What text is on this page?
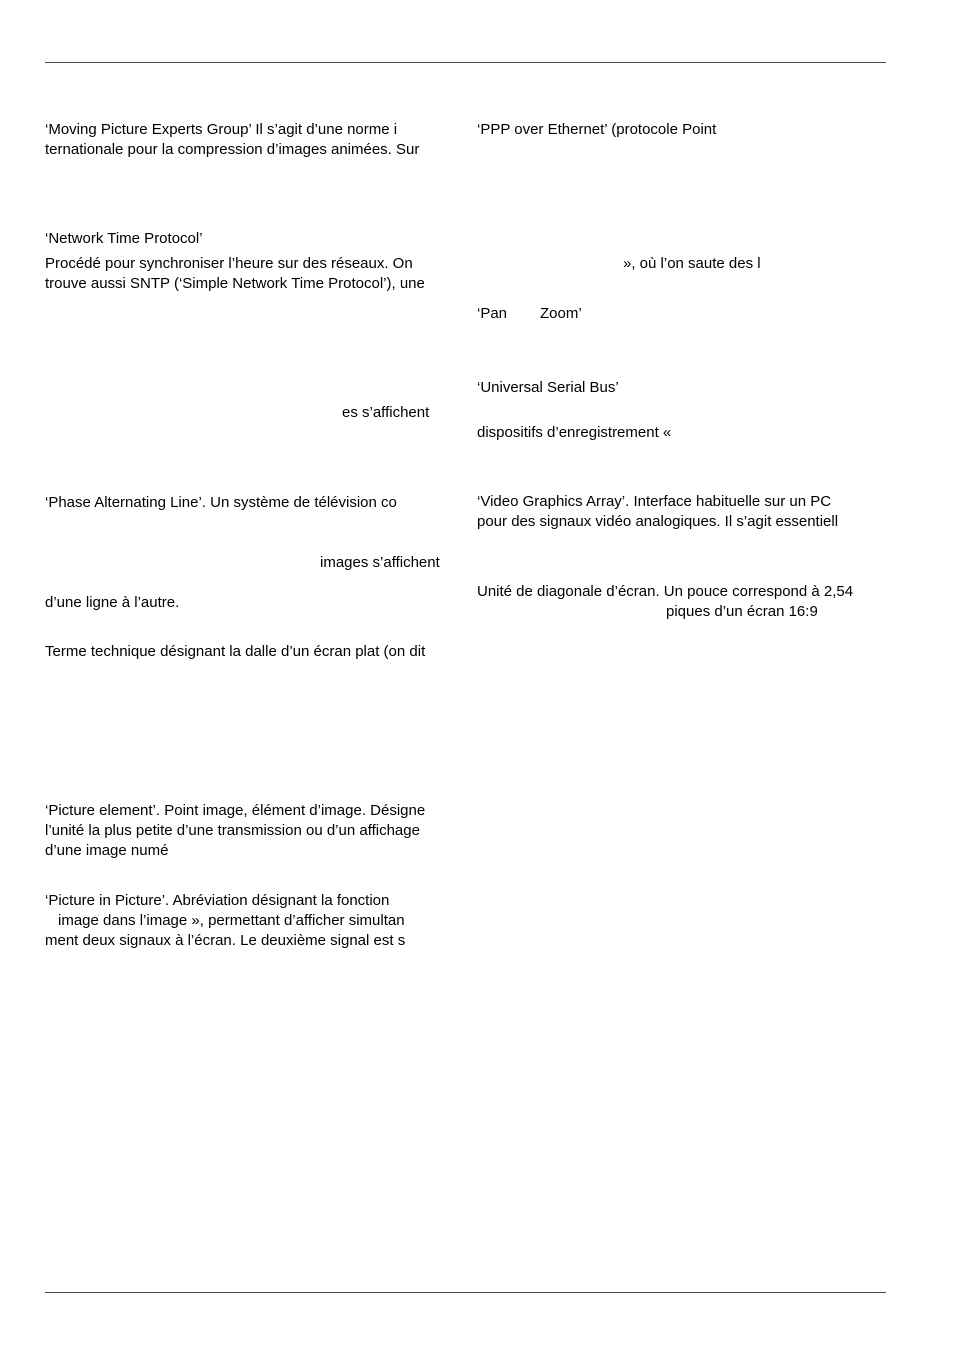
‘Moving Picture Experts Group’ Il s’agit d’une norme i
ternationale pour la compression d’images animées. Sur
‘Network Time Protocol’
Procédé pour synchroniser l’heure sur des réseaux. On
trouve aussi SNTP (‘Simple Network Time Protocol’), une
es s’affichent
‘Phase Alternating Line’. Un système de télévision co
images s’affichent
d’une ligne à l’autre.
Terme technique désignant la dalle d’un écran plat (on dit
‘Picture element’. Point image, élément d’image. Désigne
l’unité la plus petite d’une transmission ou d’un affichage
d’une image numé
‘Picture in Picture’. Abréviation désignant la fonction
image dans l’image », permettant d’afficher simultan
ment deux signaux à l’écran. Le deuxième signal est s
‘PPP over Ethernet’ (protocole Point
», où l’on saute des l
‘Pan Zoom’
‘Universal Serial Bus’
dispositifs d’enregistrement «
‘Video Graphics Array’. Interface habituelle sur un PC
pour des signaux vidéo analogiques. Il s’agit essentiell
Unité de diagonale d’écran. Un pouce correspond à 2,54
piques d’un écran 16:9
